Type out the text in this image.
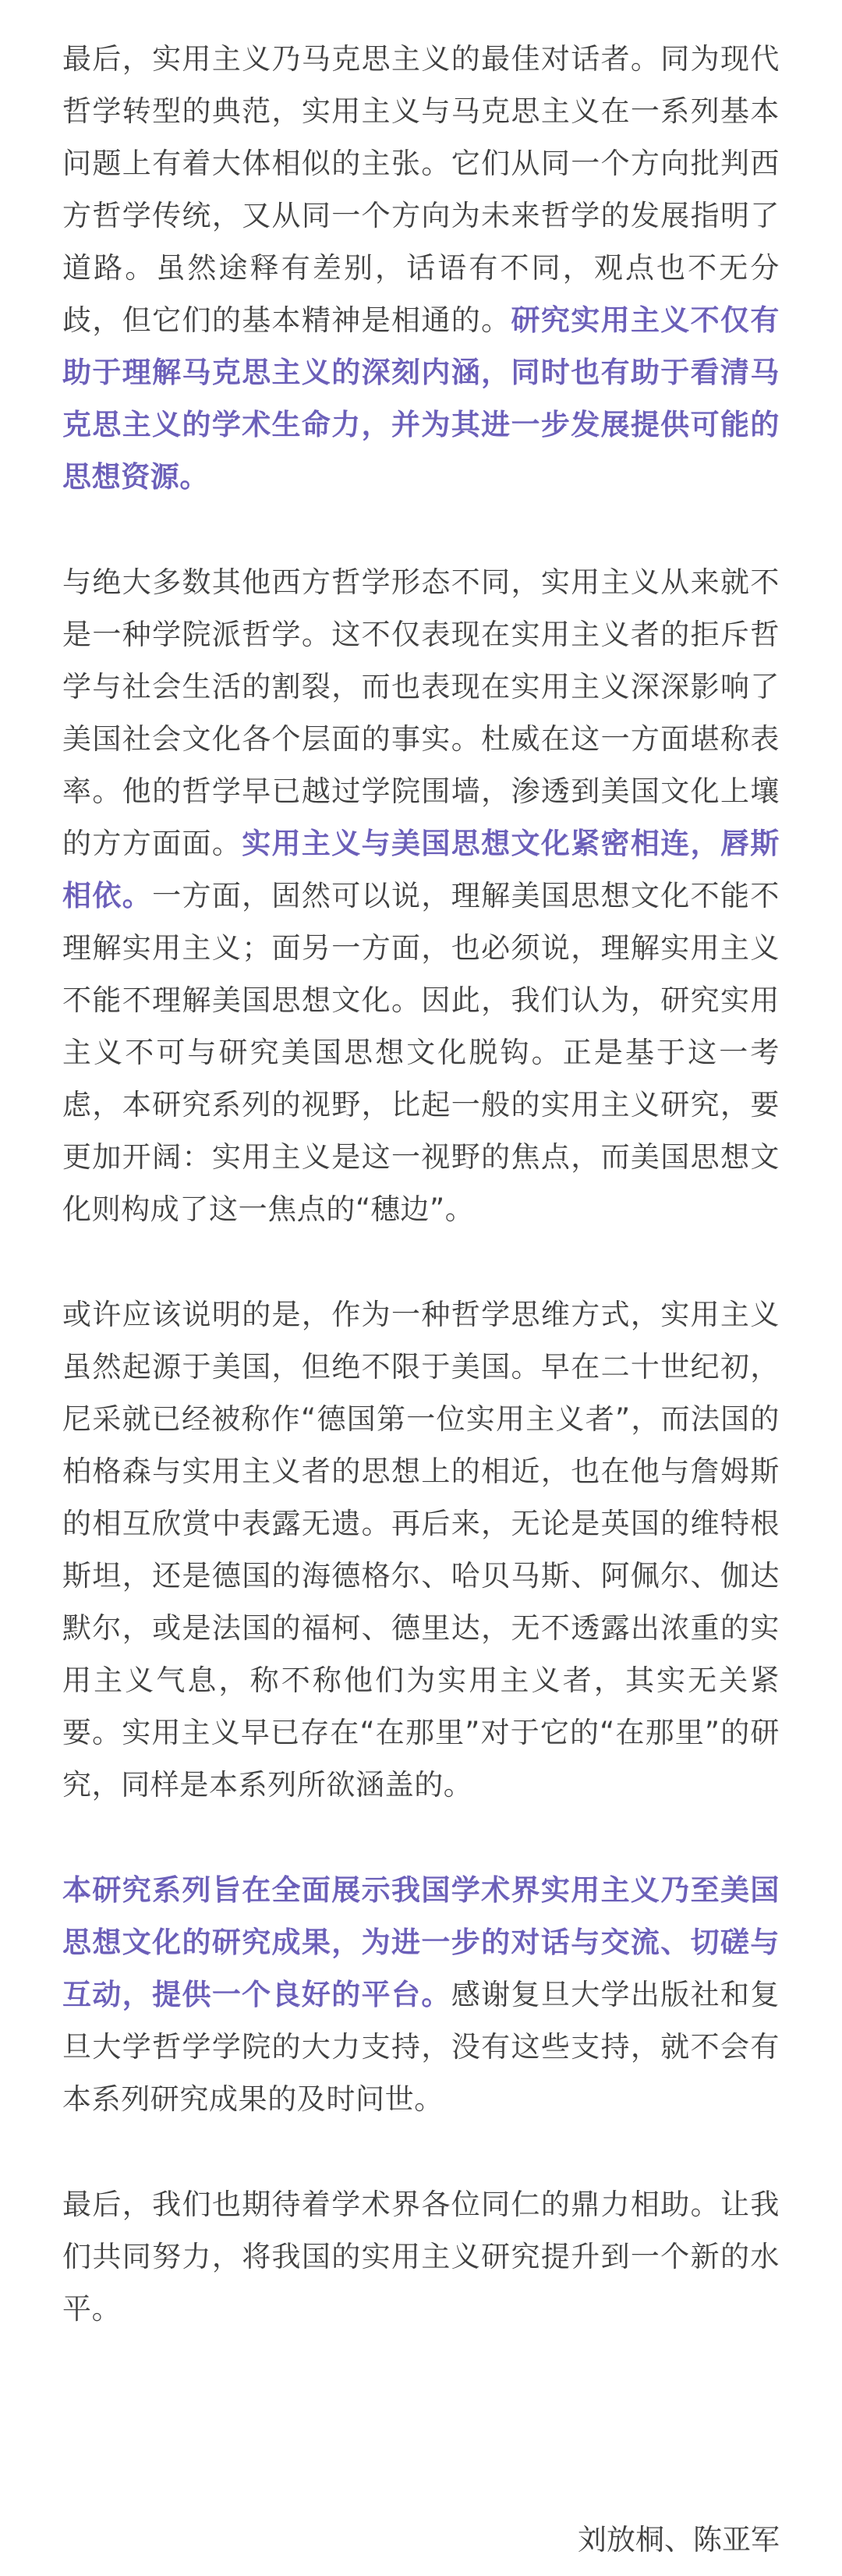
最后，实用主义乃马克思主义的最佳对话者。同为现代哲学转型的典范，实用主义与马克思主义在一系列基本问题上有着大体相似的主张。它们从同一个方向批判西方哲学传统，又从同一个方向为未来哲学的发展指明了道路。虽然途释有差别，话语有不同，观点也不无分歧，但它们的基本精神是相通的。研究实用主义不仅有助于理解马克思主义的深刻内涵，同时也有助于看清马克思主义的学术生命力，并为其进一步发展提供可能的思想资源。

与绝大多数其他西方哲学形态不同，实用主义从来就不是一种学院派哲学。这不仅表现在实用主义者的拒斥哲学与社会生活的割裂，而也表现在实用主义深深影响了美国社会文化各个层面的事实。杜威在这一方面堪称表率。他的哲学早已越过学院围墙，渗透到美国文化上壤的方方面面。实用主义与美国思想文化紧密相连，唇斯相依。一方面，固然可以说，理解美国思想文化不能不理解实用主义；面另一方面，也必须说，理解实用主义不能不理解美国思想文化。因此，我们认为，研究实用主义不可与研究美国思想文化脱钩。正是基于这一考虑，本研究系列的视野，比起一般的实用主义研究，要更加开阔：实用主义是这一视野的焦点，而美国思想文化则构成了这一焦点的“穗边”。

或许应该说明的是，作为一种哲学思维方式，实用主义虽然起源于美国，但绝不限于美国。早在二十世纪初，尼采就已经被称作“德国第一位实用主义者”，而法国的柏格森与实用主义者的思想上的相近，也在他与詹姆斯的相互欣赏中表露无遗。再后来，无论是英国的维特根斯坦，还是德国的海德格尔、哈贝马斯、阿佩尔、伽达默尔，或是法国的福柯、德里达，无不透露出浓重的实用主义气息，称不称他们为实用主义者，其实无关紧要。实用主义早已存在“在那里”对于它的“在那里”的研究，同样是本系列所欲涵盖的。

本研究系列旨在全面展示我国学术界实用主义乃至美国思想文化的研究成果，为进一步的对话与交流、切磋与互动，提供一个良好的平台。感谢复旦大学出版社和复旦大学哲学学院的大力支持，没有这些支持，就不会有本系列研究成果的及时问世。

最后，我们也期待着学术界各位同仁的鼎力相助。让我们共同努力，将我国的实用主义研究提升到一个新的水平。

刘放桐、陈亚军
